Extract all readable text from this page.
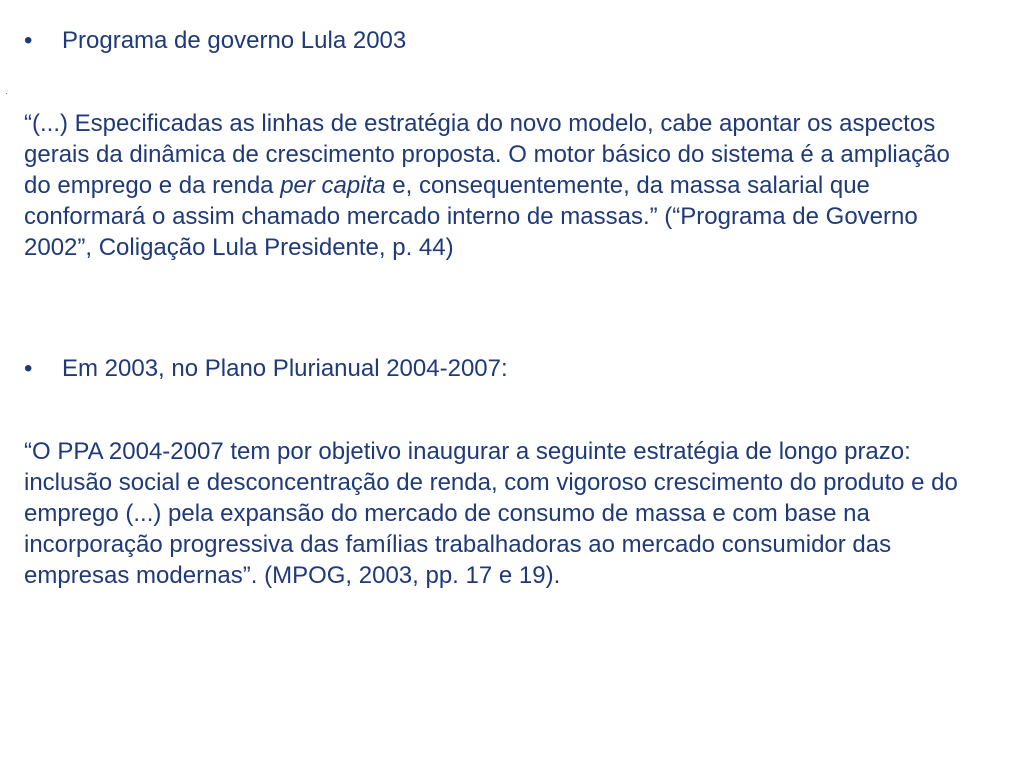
·
• Programa de governo Lula 2003
“(...) Especificadas as linhas de estratégia do novo modelo, cabe apontar os aspectos gerais da dinâmica de crescimento proposta. O motor básico do sistema é a ampliação do emprego e da renda per capita e, consequentemente, da massa salarial que conformará o assim chamado mercado interno de massas.” (“Programa de Governo 2002”, Coligação Lula Presidente, p. 44)
• Em 2003, no Plano Plurianual 2004-2007:
“O PPA 2004-2007 tem por objetivo inaugurar a seguinte estratégia de longo prazo: inclusão social e desconcentração de renda, com vigoroso crescimento do produto e do emprego (...) pela expansão do mercado de consumo de massa e com base na incorporação progressiva das famílias trabalhadoras ao mercado consumidor das empresas modernas”. (MPOG, 2003, pp. 17 e 19).
